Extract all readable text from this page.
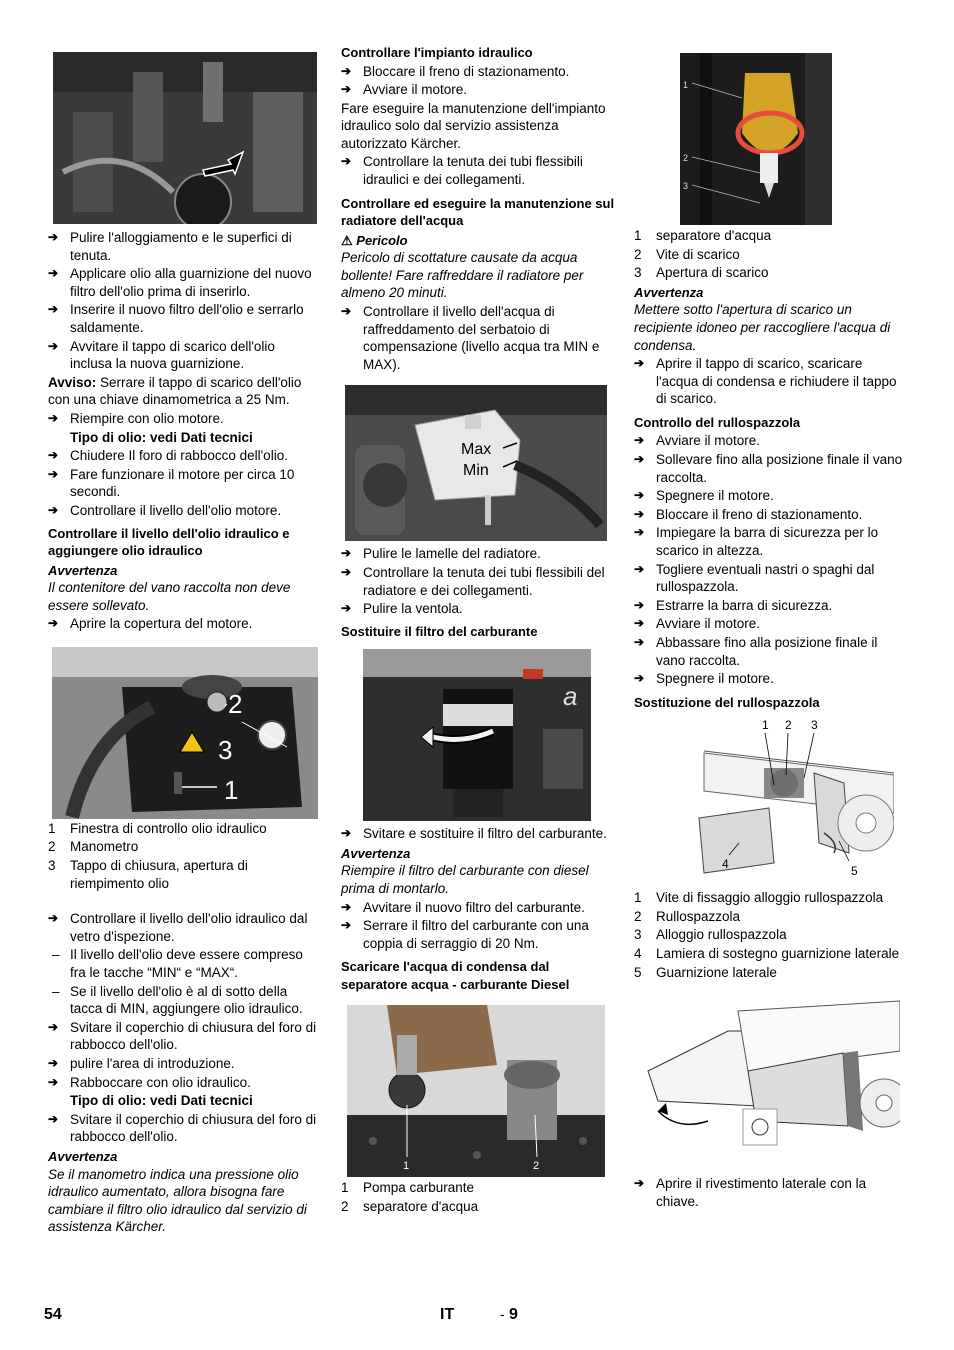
➔ Pulire l'alloggiamento e le superfici di tenuta.
➔ Applicare olio alla guarnizione del nuovo filtro dell'olio prima di inserirlo.
➔ Inserire il nuovo filtro dell'olio e serrarlo saldamente.
➔ Avvitare il tappo di scarico dell'olio inclusa la nuova guarnizione.
Avviso: Serrare il tappo di scarico dell'olio con una chiave dinamometrica a 25 Nm.
➔ Riempire con olio motore.
Tipo di olio: vedi Dati tecnici
➔ Chiudere Il foro di rabbocco dell'olio.
➔ Fare funzionare il motore per circa 10 secondi.
➔ Controllare il livello dell'olio motore.
Controllare il livello dell'olio idraulico e aggiungere olio idraulico
Avvertenza
Il contenitore del vano raccolta non deve essere sollevato.
➔ Aprire la copertura del motore.
2
3
1
1 Finestra di controllo olio idraulico
2 Manometro
3 Tappo di chiusura, apertura di riempimento olio
➔ Controllare il livello dell'olio idraulico dal vetro d'ispezione.
– Il livello dell'olio deve essere compreso fra le tacche “MIN“ e “MAX“.
– Se il livello dell'olio è al di sotto della tacca di MIN, aggiungere olio idraulico.
➔ Svitare il coperchio di chiusura del foro di rabbocco dell'olio.
➔ pulire l'area di introduzione.
➔ Rabboccare con olio idraulico.
Tipo di olio: vedi Dati tecnici
➔ Svitare il coperchio di chiusura del foro di rabbocco dell'olio.
Avvertenza
Se il manometro indica una pressione olio idraulico aumentato, allora bisogna fare cambiare il filtro olio idraulico dal servizio di assistenza Kärcher.
Controllare l'impianto idraulico
➔ Bloccare il freno di stazionamento.
➔ Avviare il motore.
Fare eseguire la manutenzione dell'impianto idraulico solo dal servizio assistenza autorizzato Kärcher.
➔ Controllare la tenuta dei tubi flessibili idraulici e dei collegamenti.
Controllare ed eseguire la manutenzione sul radiatore dell'acqua
⚠ Pericolo
Pericolo di scottature causate da acqua bollente! Fare raffreddare il radiatore per almeno 20 minuti.
➔ Controllare il livello dell'acqua di raffreddamento del serbatoio di compensazione (livello acqua tra MIN e MAX).
Max
Min
➔ Pulire le lamelle del radiatore.
➔ Controllare la tenuta dei tubi flessibili del radiatore e dei collegamenti.
➔ Pulire la ventola.
Sostituire il filtro del carburante
a
➔ Svitare e sostituire il filtro del carburante.
Avvertenza
Riempire il filtro del carburante con diesel prima di montarlo.
➔ Avvitare il nuovo filtro del carburante.
➔ Serrare il filtro del carburante con una coppia di serraggio di 20 Nm.
Scaricare l'acqua di condensa dal separatore acqua - carburante Diesel
1	2
1 Pompa carburante
2 separatore d'acqua
1
2
3
1 separatore d'acqua
2 Vite di scarico
3 Apertura di scarico
Avvertenza
Mettere sotto l'apertura di scarico un recipiente idoneo per raccogliere l'acqua di condensa.
➔ Aprire il tappo di scarico, scaricare l'acqua di condensa e richiudere il tappo di scarico.
Controllo del rullospazzola
➔ Avviare il motore.
➔ Sollevare fino alla posizione finale il vano raccolta.
➔ Spegnere il motore.
➔ Bloccare il freno di stazionamento.
➔ Impiegare la barra di sicurezza per lo scarico in altezza.
➔ Togliere eventuali nastri o spaghi dal rullospazzola.
➔ Estrarre la barra di sicurezza.
➔ Avviare il motore.
➔ Abbassare fino alla posizione finale il vano raccolta.
➔ Spegnere il motore.
Sostituzione del rullospazzola
1 2 3
4	5
1 Vite di fissaggio alloggio rullospazzola
2 Rullospazzola
3 Alloggio rullospazzola
4 Lamiera di sostegno guarnizione laterale
5 Guarnizione laterale
➔ Aprire il rivestimento laterale con la chiave.
54	IT	- 9
